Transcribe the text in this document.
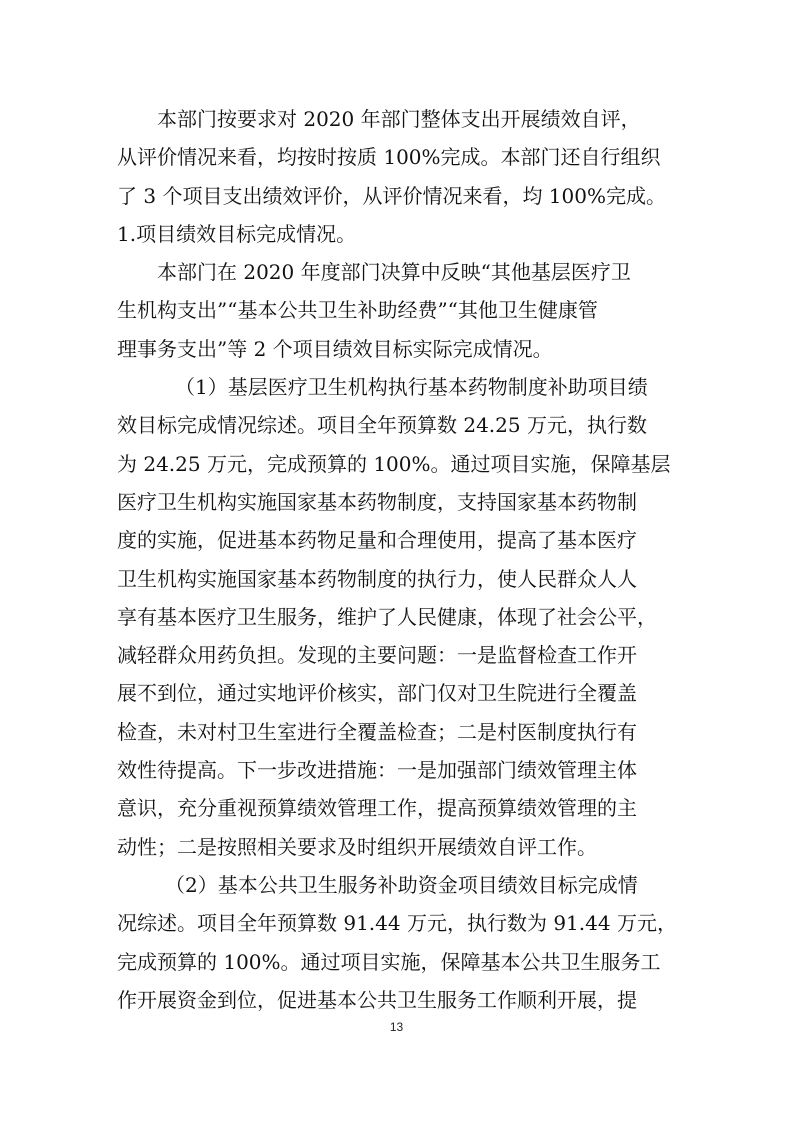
本部门按要求对 2020 年部门整体支出开展绩效自评，
从评价情况来看，均按时按质 100%完成。本部门还自行组织
了 3 个项目支出绩效评价，从评价情况来看，均 100%完成。
1.项目绩效目标完成情况。

本部门在 2020 年度部门决算中反映“其他基层医疗卫
生机构支出”“基本公共卫生补助经费”“其他卫生健康管
理事务支出”等 2 个项目绩效目标实际完成情况。

（1）基层医疗卫生机构执行基本药物制度补助项目绩
效目标完成情况综述。项目全年预算数 24.25 万元，执行数
为 24.25 万元，完成预算的 100%。通过项目实施，保障基层
医疗卫生机构实施国家基本药物制度，支持国家基本药物制
度的实施，促进基本药物足量和合理使用，提高了基本医疗
卫生机构实施国家基本药物制度的执行力，使人民群众人人
享有基本医疗卫生服务，维护了人民健康，体现了社会公平，
减轻群众用药负担。发现的主要问题：一是监督检查工作开
展不到位，通过实地评价核实，部门仅对卫生院进行全覆盖
检查，未对村卫生室进行全覆盖检查；二是村医制度执行有
效性待提高。下一步改进措施：一是加强部门绩效管理主体
意识，充分重视预算绩效管理工作，提高预算绩效管理的主
动性；二是按照相关要求及时组织开展绩效自评工作。

（2）基本公共卫生服务补助资金项目绩效目标完成情
况综述。项目全年预算数 91.44 万元，执行数为 91.44 万元，
完成预算的 100%。通过项目实施，保障基本公共卫生服务工
作开展资金到位，促进基本公共卫生服务工作顺利开展，提

13
